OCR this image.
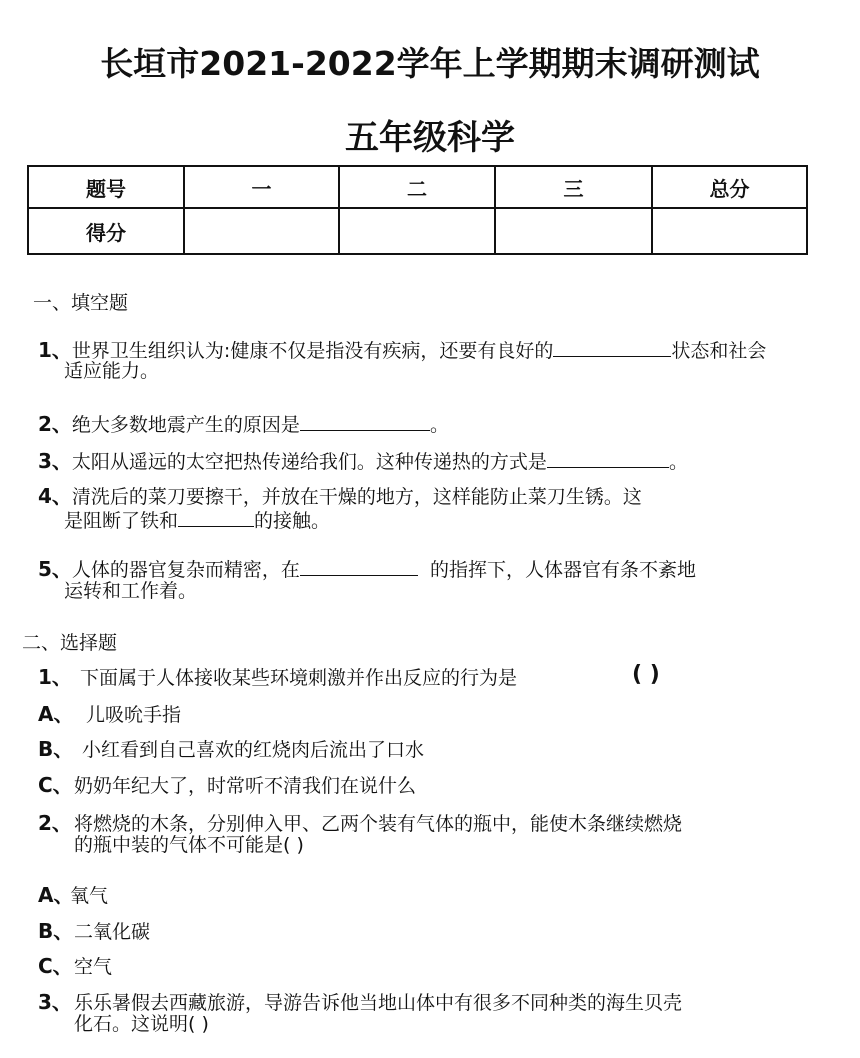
长垣市2021-2022学年上学期期末调研测试
五年级科学
题号	一	二	三	总分
得分				
一、填空题
1、世界卫生组织认为:健康不仅是指没有疾病，还要有良好的	状态和社会
适应能力。
2、绝大多数地震产生的原因是	。
3、太阳从遥远的太空把热传递给我们。这种传递热的方式是	。
4、清洗后的菜刀要擦干，并放在干燥的地方，这样能防止菜刀生锈。这
是阻断了铁和	的接触。
5、人体的器官复杂而精密，在	的指挥下，人体器官有条不紊地
运转和工作着。
二、选择题
1、 下面属于人体接收某些环境刺激并作出反应的行为是	( )
A、 儿吸吮手指
B、 小红看到自己喜欢的红烧肉后流出了口水
C、奶奶年纪大了，时常听不清我们在说什么
2、 将燃烧的木条，分别伸入甲、乙两个装有气体的瓶中，能使木条继续燃烧
的瓶中装的气体不可能是( )
A、氧气
B、二氧化碳
C、空气
3、 乐乐暑假去西藏旅游，导游告诉他当地山体中有很多不同种类的海生贝壳
化石。这说明( )
